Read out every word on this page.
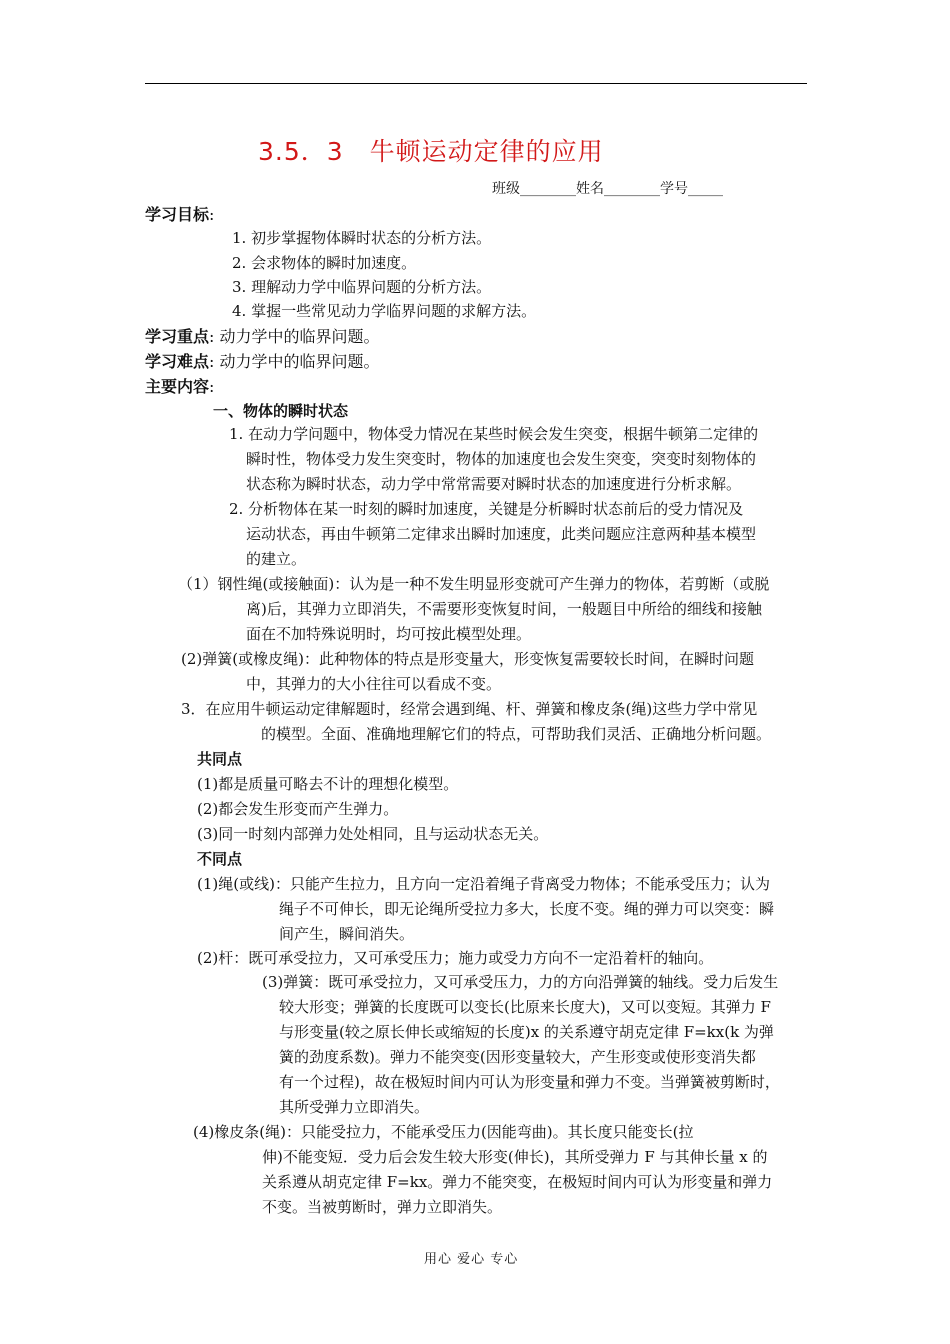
3.5．3　牛顿运动定律的应用
班级________姓名________学号_____
学习目标:
1. 初步掌握物体瞬时状态的分析方法。
2. 会求物体的瞬时加速度。
3. 理解动力学中临界问题的分析方法。
4. 掌握一些常见动力学临界问题的求解方法。
学习重点: 动力学中的临界问题。
学习难点: 动力学中的临界问题。
主要内容:
一、物体的瞬时状态
1. 在动力学问题中，物体受力情况在某些时候会发生突变，根据牛顿第二定律的
瞬时性，物体受力发生突变时，物体的加速度也会发生突变，突变时刻物体的
状态称为瞬时状态，动力学中常常需要对瞬时状态的加速度进行分析求解。
2. 分析物体在某一时刻的瞬时加速度，关键是分析瞬时状态前后的受力情况及
运动状态，再由牛顿第二定律求出瞬时加速度，此类问题应注意两种基本模型
的建立。
（1）钢性绳(或接触面)：认为是一种不发生明显形变就可产生弹力的物体，若剪断（或脱
离)后，其弹力立即消失，不需要形变恢复时间，一般题目中所给的细线和接触
面在不加特殊说明时，均可按此模型处理。
(2)弹簧(或橡皮绳)：此种物体的特点是形变量大，形变恢复需要较长时间，在瞬时问题
中，其弹力的大小往往可以看成不变。
3．在应用牛顿运动定律解题时，经常会遇到绳、杆、弹簧和橡皮条(绳)这些力学中常见
的模型。全面、准确地理解它们的特点，可帮助我们灵活、正确地分析问题。
共同点
(1)都是质量可略去不计的理想化模型。
(2)都会发生形变而产生弹力。
(3)同一时刻内部弹力处处相同，且与运动状态无关。
不同点
(1)绳(或线)：只能产生拉力，且方向一定沿着绳子背离受力物体；不能承受压力；认为
绳子不可伸长，即无论绳所受拉力多大，长度不变。绳的弹力可以突变：瞬
间产生，瞬间消失。
(2)杆：既可承受拉力，又可承受压力；施力或受力方向不一定沿着杆的轴向。
(3)弹簧：既可承受拉力，又可承受压力，力的方向沿弹簧的轴线。受力后发生
较大形变；弹簧的长度既可以变长(比原来长度大)，又可以变短。其弹力 F
与形变量(较之原长伸长或缩短的长度)x 的关系遵守胡克定律 F=kx(k 为弹
簧的劲度系数)。弹力不能突变(因形变量较大，产生形变或使形变消失都
有一个过程)，故在极短时间内可认为形变量和弹力不变。当弹簧被剪断时，
其所受弹力立即消失。
(4)橡皮条(绳)：只能受拉力，不能承受压力(因能弯曲)。其长度只能变长(拉
伸)不能变短．受力后会发生较大形变(伸长)，其所受弹力 F 与其伸长量 x 的
关系遵从胡克定律 F=kx。弹力不能突变，在极短时间内可认为形变量和弹力
不变。当被剪断时，弹力立即消失。
用心 爱心 专心
